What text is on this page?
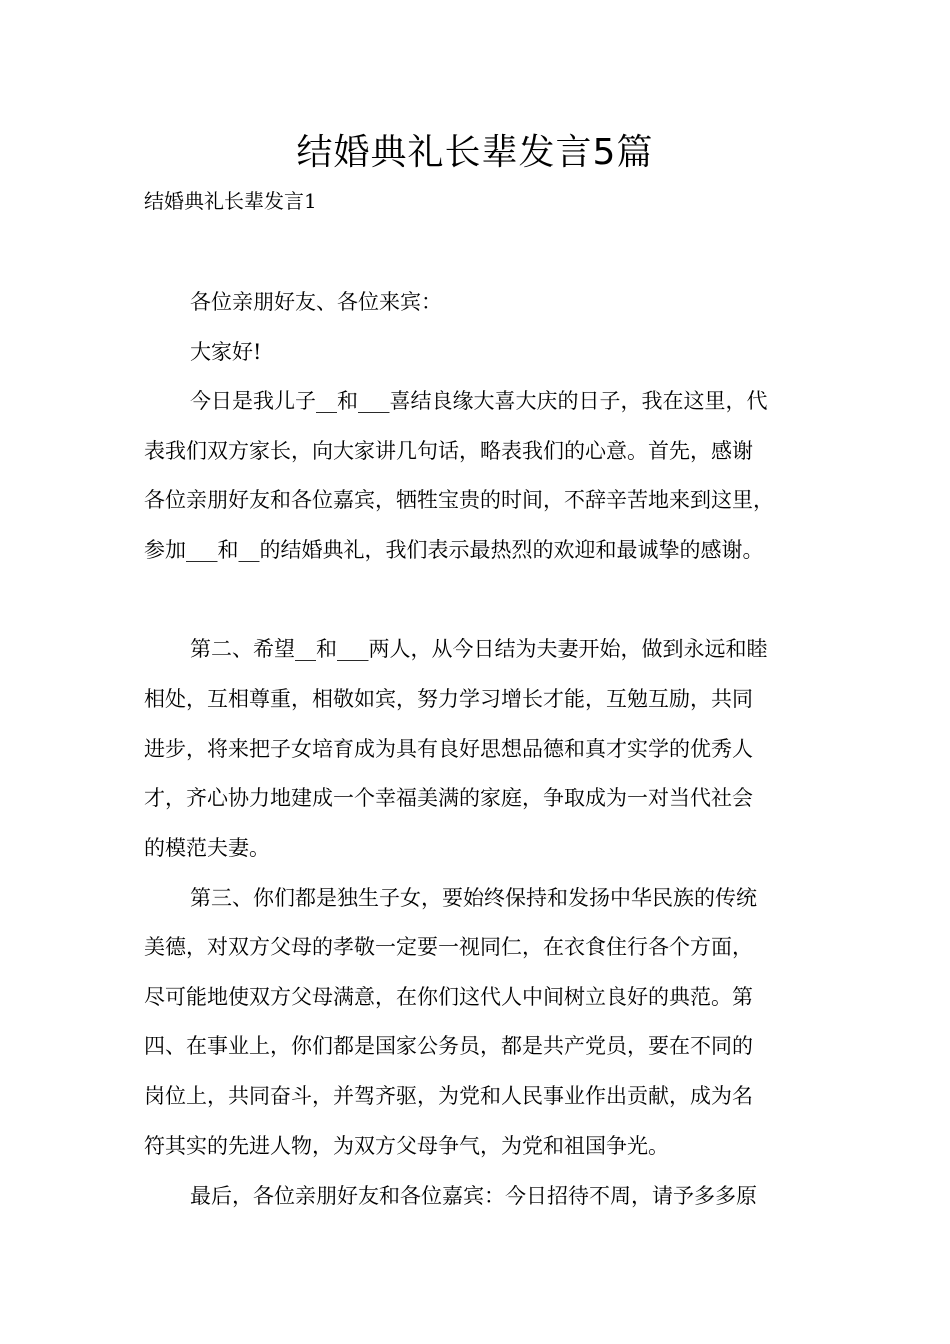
结婚典礼长辈发言5篇

结婚典礼长辈发言1

各位亲朋好友、各位来宾：

大家好!

今日是我儿子__和___喜结良缘大喜大庆的日子，我在这里，代

表我们双方家长，向大家讲几句话，略表我们的心意。首先，感谢

各位亲朋好友和各位嘉宾，牺牲宝贵的时间，不辞辛苦地来到这里，

参加___和__的结婚典礼，我们表示最热烈的欢迎和最诚挚的感谢。

第二、希望__和___两人，从今日结为夫妻开始，做到永远和睦

相处，互相尊重，相敬如宾，努力学习增长才能，互勉互励，共同

进步，将来把子女培育成为具有良好思想品德和真才实学的优秀人

才，齐心协力地建成一个幸福美满的家庭，争取成为一对当代社会

的模范夫妻。

第三、你们都是独生子女，要始终保持和发扬中华民族的传统

美德，对双方父母的孝敬一定要一视同仁，在衣食住行各个方面，

尽可能地使双方父母满意，在你们这代人中间树立良好的典范。第

四、在事业上，你们都是国家公务员，都是共产党员，要在不同的

岗位上，共同奋斗，并驾齐驱，为党和人民事业作出贡献，成为名

符其实的先进人物，为双方父母争气，为党和祖国争光。

最后，各位亲朋好友和各位嘉宾：今日招待不周，请予多多原
